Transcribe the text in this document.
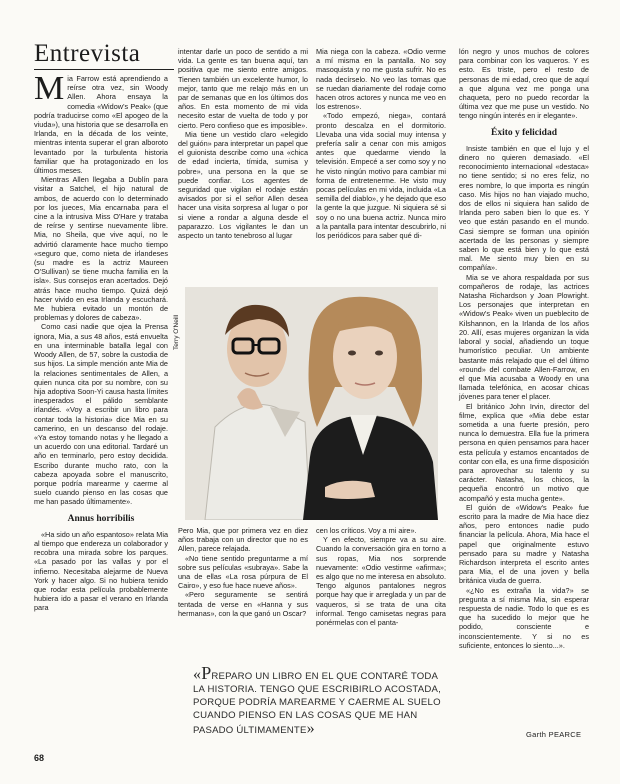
Entrevista

Mia Farrow está aprendiendo a reírse otra vez, sin Woody Allen. Ahora ensaya la comedia «Widow's Peak» (que podría traducirse como «El apogeo de la viuda»), una historia que se desarrolla en Irlanda, en la década de los veinte, mientras intenta superar el gran alboroto levantado por la turbulenta historia familiar que ha protagonizado en los últimos meses.

Mientras Allen llegaba a Dublín para visitar a Satchel, el hijo natural de ambos, de acuerdo con lo determinado por los jueces, Mia encarnaba para el cine a la intrusiva Miss O'Hare y trataba de reírse y sentirse nuevamente libre. Mia, no Sheila, que vive aquí, no le advirtió claramente hace mucho tiempo «seguro que, como nieta de irlandeses (su madre es la actriz Maureen O'Sullivan) se tiene mucha familia en la isla». Sus consejos eran acertados. Dejó atrás hace mucho tiempo. Quizá dejó hacer vivido en esa Irlanda y escuchará. Me hubiera evitado un montón de problemas y dolores de cabeza».

Como casi nadie que ojea la Prensa ignora, Mia, a sus 48 años, está envuelta en una interminable batalla legal con Woody Allen, de 57, sobre la custodia de sus hijos. La simple mención ante Mia de la relaciones sentimentales de Allen, a quien nunca cita por su nombre, con su hija adoptiva Soon-Yi causa hasta límites inesperados el pálido semblante irlandés. «Voy a escribir un libro para contar toda la historia» dice Mia en su camerino, en un descanso del rodaje. «Ya estoy tomando notas y he llegado a un acuerdo con una editorial. Tardaré un año en terminarlo, pero estoy decidida. Escribo durante mucho rato, con la cabeza apoyada sobre el manuscrito, porque podría marearme y caerme al suelo cuando pienso en las cosas que me han pasado últimamente».

Annus horribilis

«Ha sido un año espantoso» relata Mia al tiempo que endereza un colaborador y recobra una mirada sobre los parques. «La pasado por las vallas y por el infierno. Necesitaba alejarme de Nueva York y hacer algo. Si no hubiera tenido que rodar esta película probablemente hubiera ido a pasar el verano en Irlanda para

intentar darle un poco de sentido a mi vida. La gente es tan buena aquí, tan positiva que me siento entre amigos. Tienen también un excelente humor, lo mejor, tanto que me relajo más en un par de semanas que en los últimos dos años. En esta momento de mi vida necesito estar de vuelta de todo y por cierto. Pero confieso que es imposible».

Mia tiene un vestido claro «elegido del guión» para interpretar un papel que el guionista describe como una «chica de edad incierta, tímida, sumisa y pobre», una persona en la que se puede confiar. Los agentes de seguridad que vigilan el rodaje están avisados por si el señor Allen desea hacer una visita sorpresa al lugar o por si viene a rondar a alguna desde el paparazzo. Los vigilantes le dan un aspecto un tanto tenebroso al lugar

Mia niega con la cabeza. «Odio verme a mí misma en la pantalla. No soy masoquista y no me gusta sufrir. No es nada decírselo. No veo las tomas que se ruedan diariamente del rodaje como hacen otros actores y nunca me veo en los estrenos».

«Todo empezó, niega», contará pronto descalza en el dormitorio. Llevaba una vida social muy intensa y prefería salir a cenar con mis amigos antes que quedarme viendo la televisión. Empecé a ser como soy y no he visto ningún motivo para cambiar mi forma de entretenerme. He visto muy pocas películas en mi vida, incluida «La semilla del diablo», y he dejado que eso la gente la que juzgue. Ni siquiera sé si soy o no una buena actriz. Nunca miro a la pantalla para intentar descubrirlo, ni los periódicos para saber qué di-

Terry O'Neill

Pero Mia, que por primera vez en diez años trabaja con un director que no es Allen, parece relajada.

«No tiene sentido preguntarme a mí sobre sus películas «subraya». Sabe la una de ellas «La rosa púrpura de El Cairo», y eso fue hace nueve años».

«Pero seguramente se sentirá tentada de verse en «Hanna y sus hermanas», con la que ganó un Oscar?

cen los críticos. Voy a mi aire».

Y en efecto, siempre va a su aire. Cuando la conversación gira en torno a sus ropas, Mia nos sorprende nuevamente: «Odio vestirme «afirma»; es algo que no me interesa en absoluto. Tengo algunos pantalones negros porque hay que ir arreglada y un par de vaqueros, si se trata de una cita informal. Tengo camisetas negras para ponérmelas con el panta-

lón negro y unos muchos de colores para combinar con los vaqueros. Y es esto. Es triste, pero el resto de personas de mi edad, creo que de aquí a que alguna vez me ponga una chaqueta, pero no puedo recordar la última vez que me puse un vestido. No tengo ningún interés en ir elegante».

Éxito y felicidad

Insiste también en que el lujo y el dinero no quieren demasiado. «El reconocimiento internacional «destaca» no tiene sentido; si no eres feliz, no eres nombre, lo que importa es ningún caso. Mis hijos no han viajado mucho, dos de ellos ni siquiera han salido de Irlanda pero saben bien lo que es. Y veo que están pasando en el mundo. Casi siempre se forman una opinión acertada de las personas y siempre saben lo que está bien y lo que está mal. Me siento muy bien en su compañía».

Mia se ve ahora respaldada por sus compañeros de rodaje, las actrices Natasha Richardson y Joan Plowright. Los personajes que interpretan en «Widow's Peak» viven un pueblecito de Kilshannon, en la Irlanda de los años 20. Allí, esas mujeres organizan la vida laboral y social, añadiendo un toque humorístico peculiar. Un ambiente bastante más relajado que el del último «round» del combate Allen-Farrow, en el que Mia acusaba a Woody en una llamada telefónica, en acosar chicas jóvenes para tener el placer.

El británico John Irvin, director del filme, explica que «Mia debe estar sometida a una fuerte presión, pero nunca lo demuestra. Ella fue la primera persona en quien pensamos para hacer esta película y estamos encantados de contar con ella, es una firme disposición para aprovechar su talento y su carácter. Natasha, los chicos, la pequeña encontró un motivo que acompañó y esta mucha gente».

El guión de «Widow's Peak» fue escrito para la madre de Mia hace diez años, pero entonces nadie pudo financiar la película. Ahora, Mia hace el papel que originalmente estuvo pensado para su madre y Natasha Richardson interpreta el escrito antes para Mia, el de una joven y bella británica viuda de guerra.

«¿No es extraña la vida?» se pregunta a sí misma Mia, sin esperar respuesta de nadie. Todo lo que es es que ha sucedido lo mejor que he podido, consciente e inconscientemente. Y si no es suficiente, entonces lo siento...».

«PREPARO UN LIBRO EN EL QUE CONTARÉ TODA LA HISTORIA. TENGO QUE ESCRIBIRLO ACOSTADA, PORQUE PODRÍA MAREARME Y CAERME AL SUELO CUANDO PIENSO EN LAS COSAS QUE ME HAN PASADO ÚLTIMAMENTE»	Garth PEARCE
68
